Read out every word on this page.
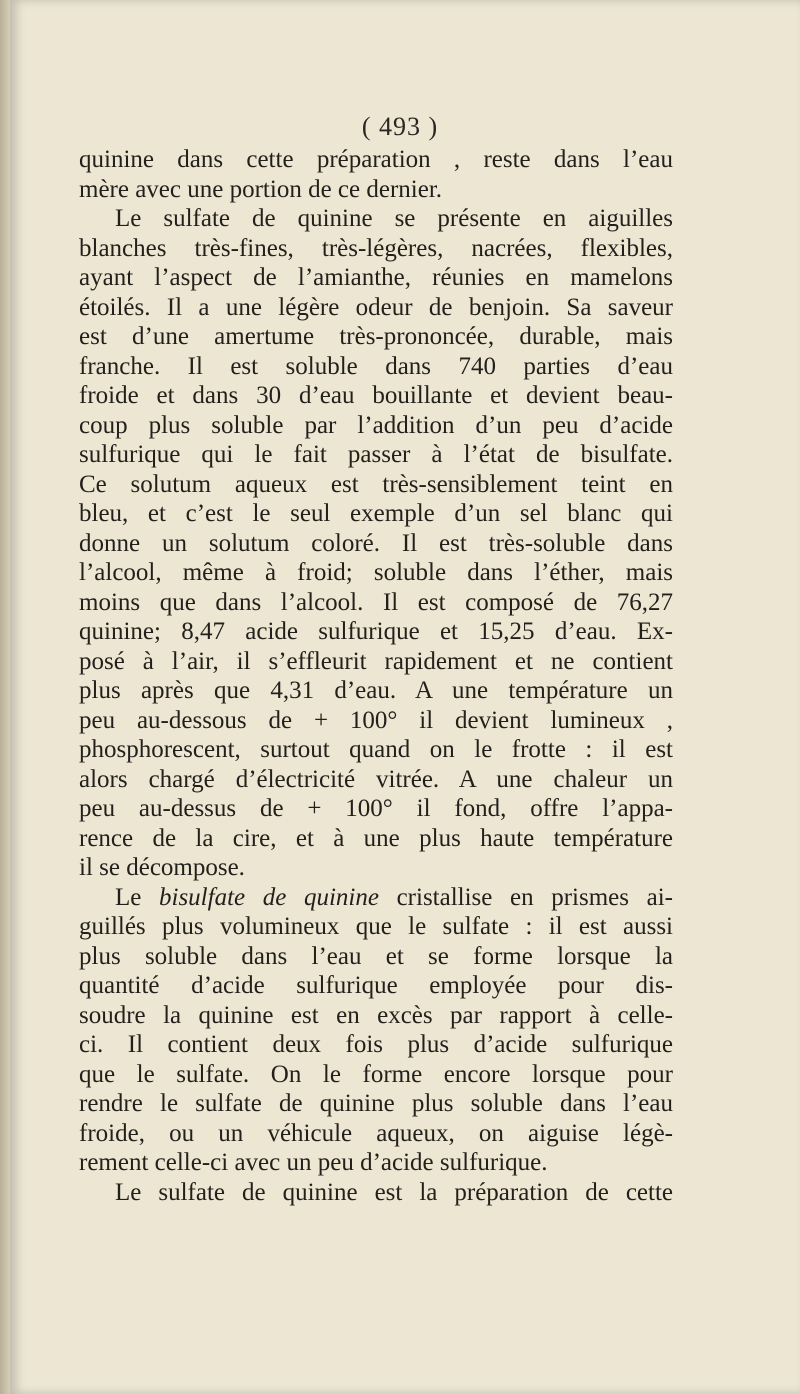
( 493 )
quinine dans cette préparation , reste dans l’eau
mère avec une portion de ce dernier.
Le sulfate de quinine se présente en aiguilles
blanches très-fines, très-légères, nacrées, flexibles,
ayant l’aspect de l’amianthe, réunies en mamelons
étoilés. Il a une légère odeur de benjoin. Sa saveur
est d’une amertume très-prononcée, durable, mais
franche. Il est soluble dans 740 parties d’eau
froide et dans 30 d’eau bouillante et devient beau-
coup plus soluble par l’addition d’un peu d’acide
sulfurique qui le fait passer à l’état de bisulfate.
Ce solutum aqueux est très-sensiblement teint en
bleu, et c’est le seul exemple d’un sel blanc qui
donne un solutum coloré. Il est très-soluble dans
l’alcool, même à froid; soluble dans l’éther, mais
moins que dans l’alcool. Il est composé de 76,27
quinine; 8,47 acide sulfurique et 15,25 d’eau. Ex-
posé à l’air, il s’effleurit rapidement et ne contient
plus après que 4,31 d’eau. A une température un
peu au-dessous de + 100° il devient lumineux ,
phosphorescent, surtout quand on le frotte : il est
alors chargé d’électricité vitrée. A une chaleur un
peu au-dessus de + 100° il fond, offre l’appa-
rence de la cire, et à une plus haute température
il se décompose.
Le bisulfate de quinine cristallise en prismes ai-
guillés plus volumineux que le sulfate : il est aussi
plus soluble dans l’eau et se forme lorsque la
quantité d’acide sulfurique employée pour dis-
soudre la quinine est en excès par rapport à celle-
ci. Il contient deux fois plus d’acide sulfurique
que le sulfate. On le forme encore lorsque pour
rendre le sulfate de quinine plus soluble dans l’eau
froide, ou un véhicule aqueux, on aiguise légè-
rement celle-ci avec un peu d’acide sulfurique.
Le sulfate de quinine est la préparation de cette
